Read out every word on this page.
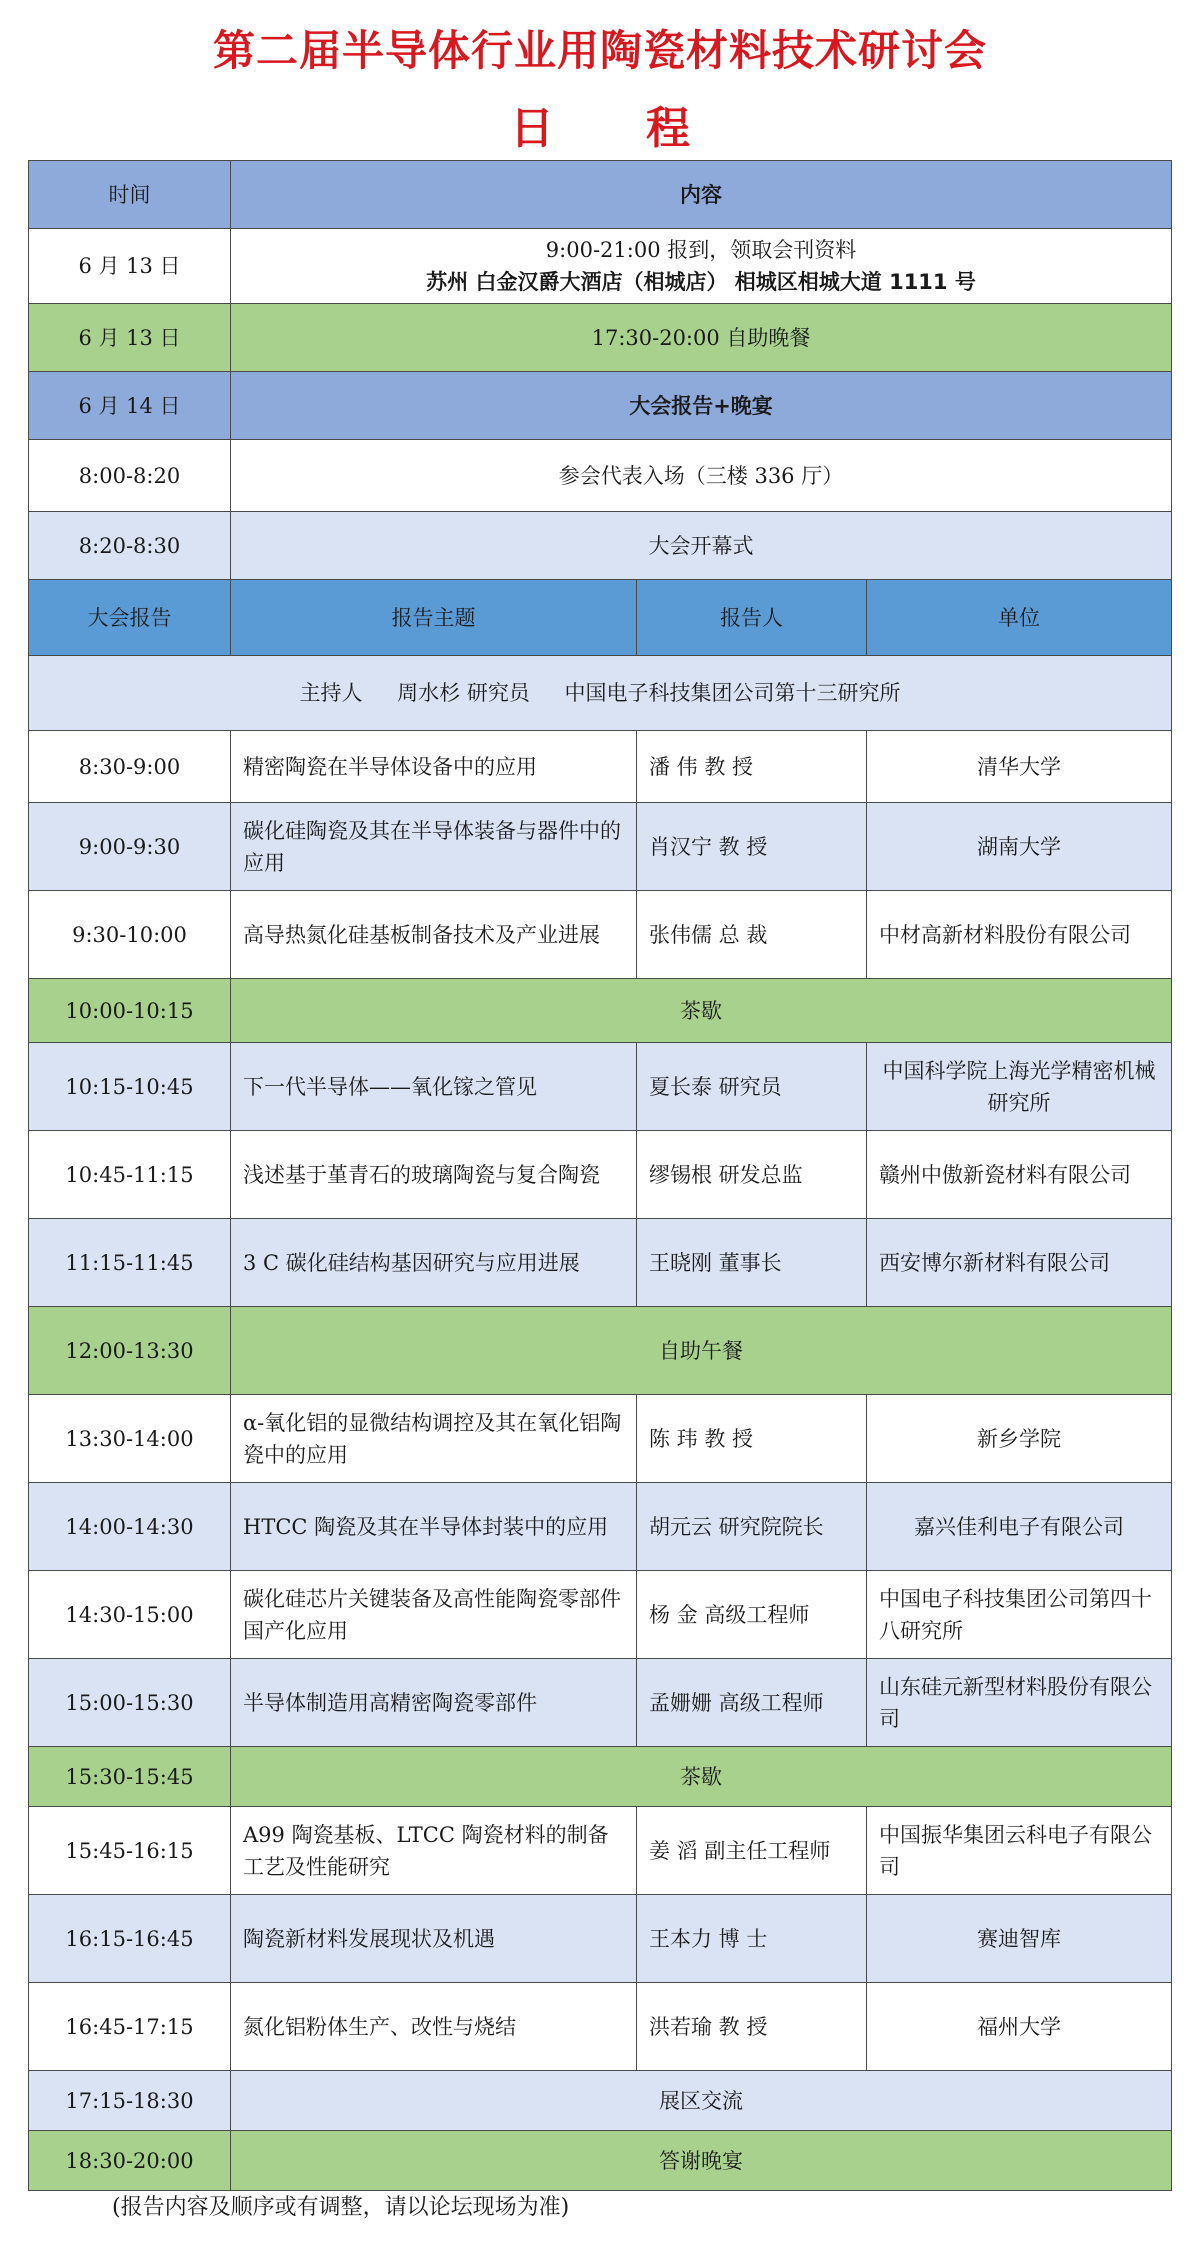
第二届半导体行业用陶瓷材料技术研讨会
日 程
时间	内容		
6 月 13 日	9:00-21:00 报到，领取会刊资料
苏州 白金汉爵大酒店（相城店） 相城区相城大道 1111 号		

6 月 13 日	17:30-20:00 自助晚餐		
6 月 14 日	大会报告+晚宴		
8:00-8:20	参会代表入场（三楼 336 厅）		
8:20-8:30	大会开幕式		
大会报告	报告主题	报告人	单位
主持人 周水杉 研究员 中国电子科技集团公司第十三研究所			
8:30-9:00	精密陶瓷在半导体设备中的应用	潘 伟 教 授	清华大学
9:00-9:30	碳化硅陶瓷及其在半导体装备与器件中的应用	肖汉宁 教 授	湖南大学
9:30-10:00	高导热氮化硅基板制备技术及产业进展	张伟儒 总 裁	中材高新材料股份有限公司
10:00-10:15	茶歇		
10:15-10:45	下一代半导体——氧化镓之管见	夏长泰 研究员	中国科学院上海光学精密机械研究所
10:45-11:15	浅述基于堇青石的玻璃陶瓷与复合陶瓷	缪锡根 研发总监	赣州中傲新瓷材料有限公司
11:15-11:45	3 C 碳化硅结构基因研究与应用进展	王晓刚 董事长	西安博尔新材料有限公司
12:00-13:30	自助午餐		
13:30-14:00	α-氧化铝的显微结构调控及其在氧化铝陶瓷中的应用	陈 玮 教 授	新乡学院
14:00-14:30	HTCC 陶瓷及其在半导体封装中的应用	胡元云 研究院院长	嘉兴佳利电子有限公司
14:30-15:00	碳化硅芯片关键装备及高性能陶瓷零部件国产化应用	杨 金 高级工程师	中国电子科技集团公司第四十八研究所
15:00-15:30	半导体制造用高精密陶瓷零部件	孟姗姗 高级工程师	山东硅元新型材料股份有限公司
15:30-15:45	茶歇		
15:45-16:15	A99 陶瓷基板、LTCC 陶瓷材料的制备工艺及性能研究	姜 滔 副主任工程师	中国振华集团云科电子有限公司
16:15-16:45	陶瓷新材料发展现状及机遇	王本力 博 士	赛迪智库
16:45-17:15	氮化铝粉体生产、改性与烧结	洪若瑜 教 授	福州大学
17:15-18:30	展区交流		
18:30-20:00	答谢晚宴		
(报告内容及顺序或有调整，请以论坛现场为准)
